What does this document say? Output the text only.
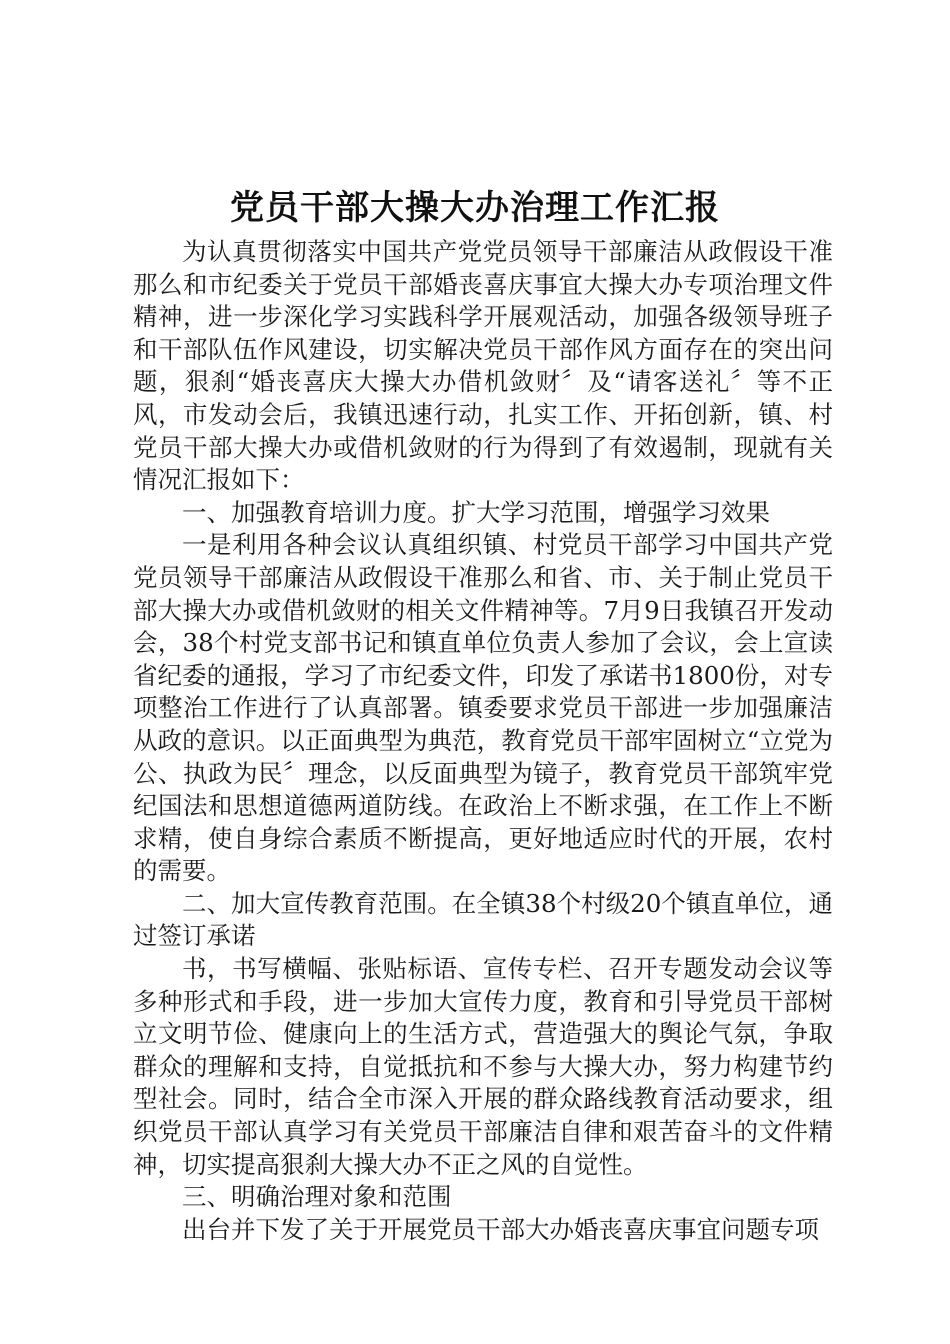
党员干部大操大办治理工作汇报

为认真贯彻落实中国共产党党员领导干部廉洁从政假设干准那么和市纪委关于党员干部婚丧喜庆事宜大操大办专项治理文件精神，进一步深化学习实践科学开展观活动，加强各级领导班子和干部队伍作风建设，切实解决党员干部作风方面存在的突出问题，狠刹“婚丧喜庆大操大办借机敛财〞及“请客送礼〞等不正风，市发动会后，我镇迅速行动，扎实工作、开拓创新，镇、村党员干部大操大办或借机敛财的行为得到了有效遏制，现就有关情况汇报如下：

一、加强教育培训力度。扩大学习范围，增强学习效果

一是利用各种会议认真组织镇、村党员干部学习中国共产党党员领导干部廉洁从政假设干准那么和省、市、关于制止党员干部大操大办或借机敛财的相关文件精神等。7月9日我镇召开发动会，38个村党支部书记和镇直单位负责人参加了会议，会上宣读省纪委的通报，学习了市纪委文件，印发了承诺书1800份，对专项整治工作进行了认真部署。镇委要求党员干部进一步加强廉洁从政的意识。以正面典型为典范，教育党员干部牢固树立“立党为公、执政为民〞理念，以反面典型为镜子，教育党员干部筑牢党纪国法和思想道德两道防线。在政治上不断求强，在工作上不断求精，使自身综合素质不断提高，更好地适应时代的开展，农村的需要。

二、加大宣传教育范围。在全镇38个村级20个镇直单位，通过签订承诺

书，书写横幅、张贴标语、宣传专栏、召开专题发动会议等多种形式和手段，进一步加大宣传力度，教育和引导党员干部树立文明节俭、健康向上的生活方式，营造强大的舆论气氛，争取群众的理解和支持，自觉抵抗和不参与大操大办，努力构建节约型社会。同时，结合全市深入开展的群众路线教育活动要求，组织党员干部认真学习有关党员干部廉洁自律和艰苦奋斗的文件精神，切实提高狠刹大操大办不正之风的自觉性。

三、明确治理对象和范围

出台并下发了关于开展党员干部大办婚丧喜庆事宜问题专项
